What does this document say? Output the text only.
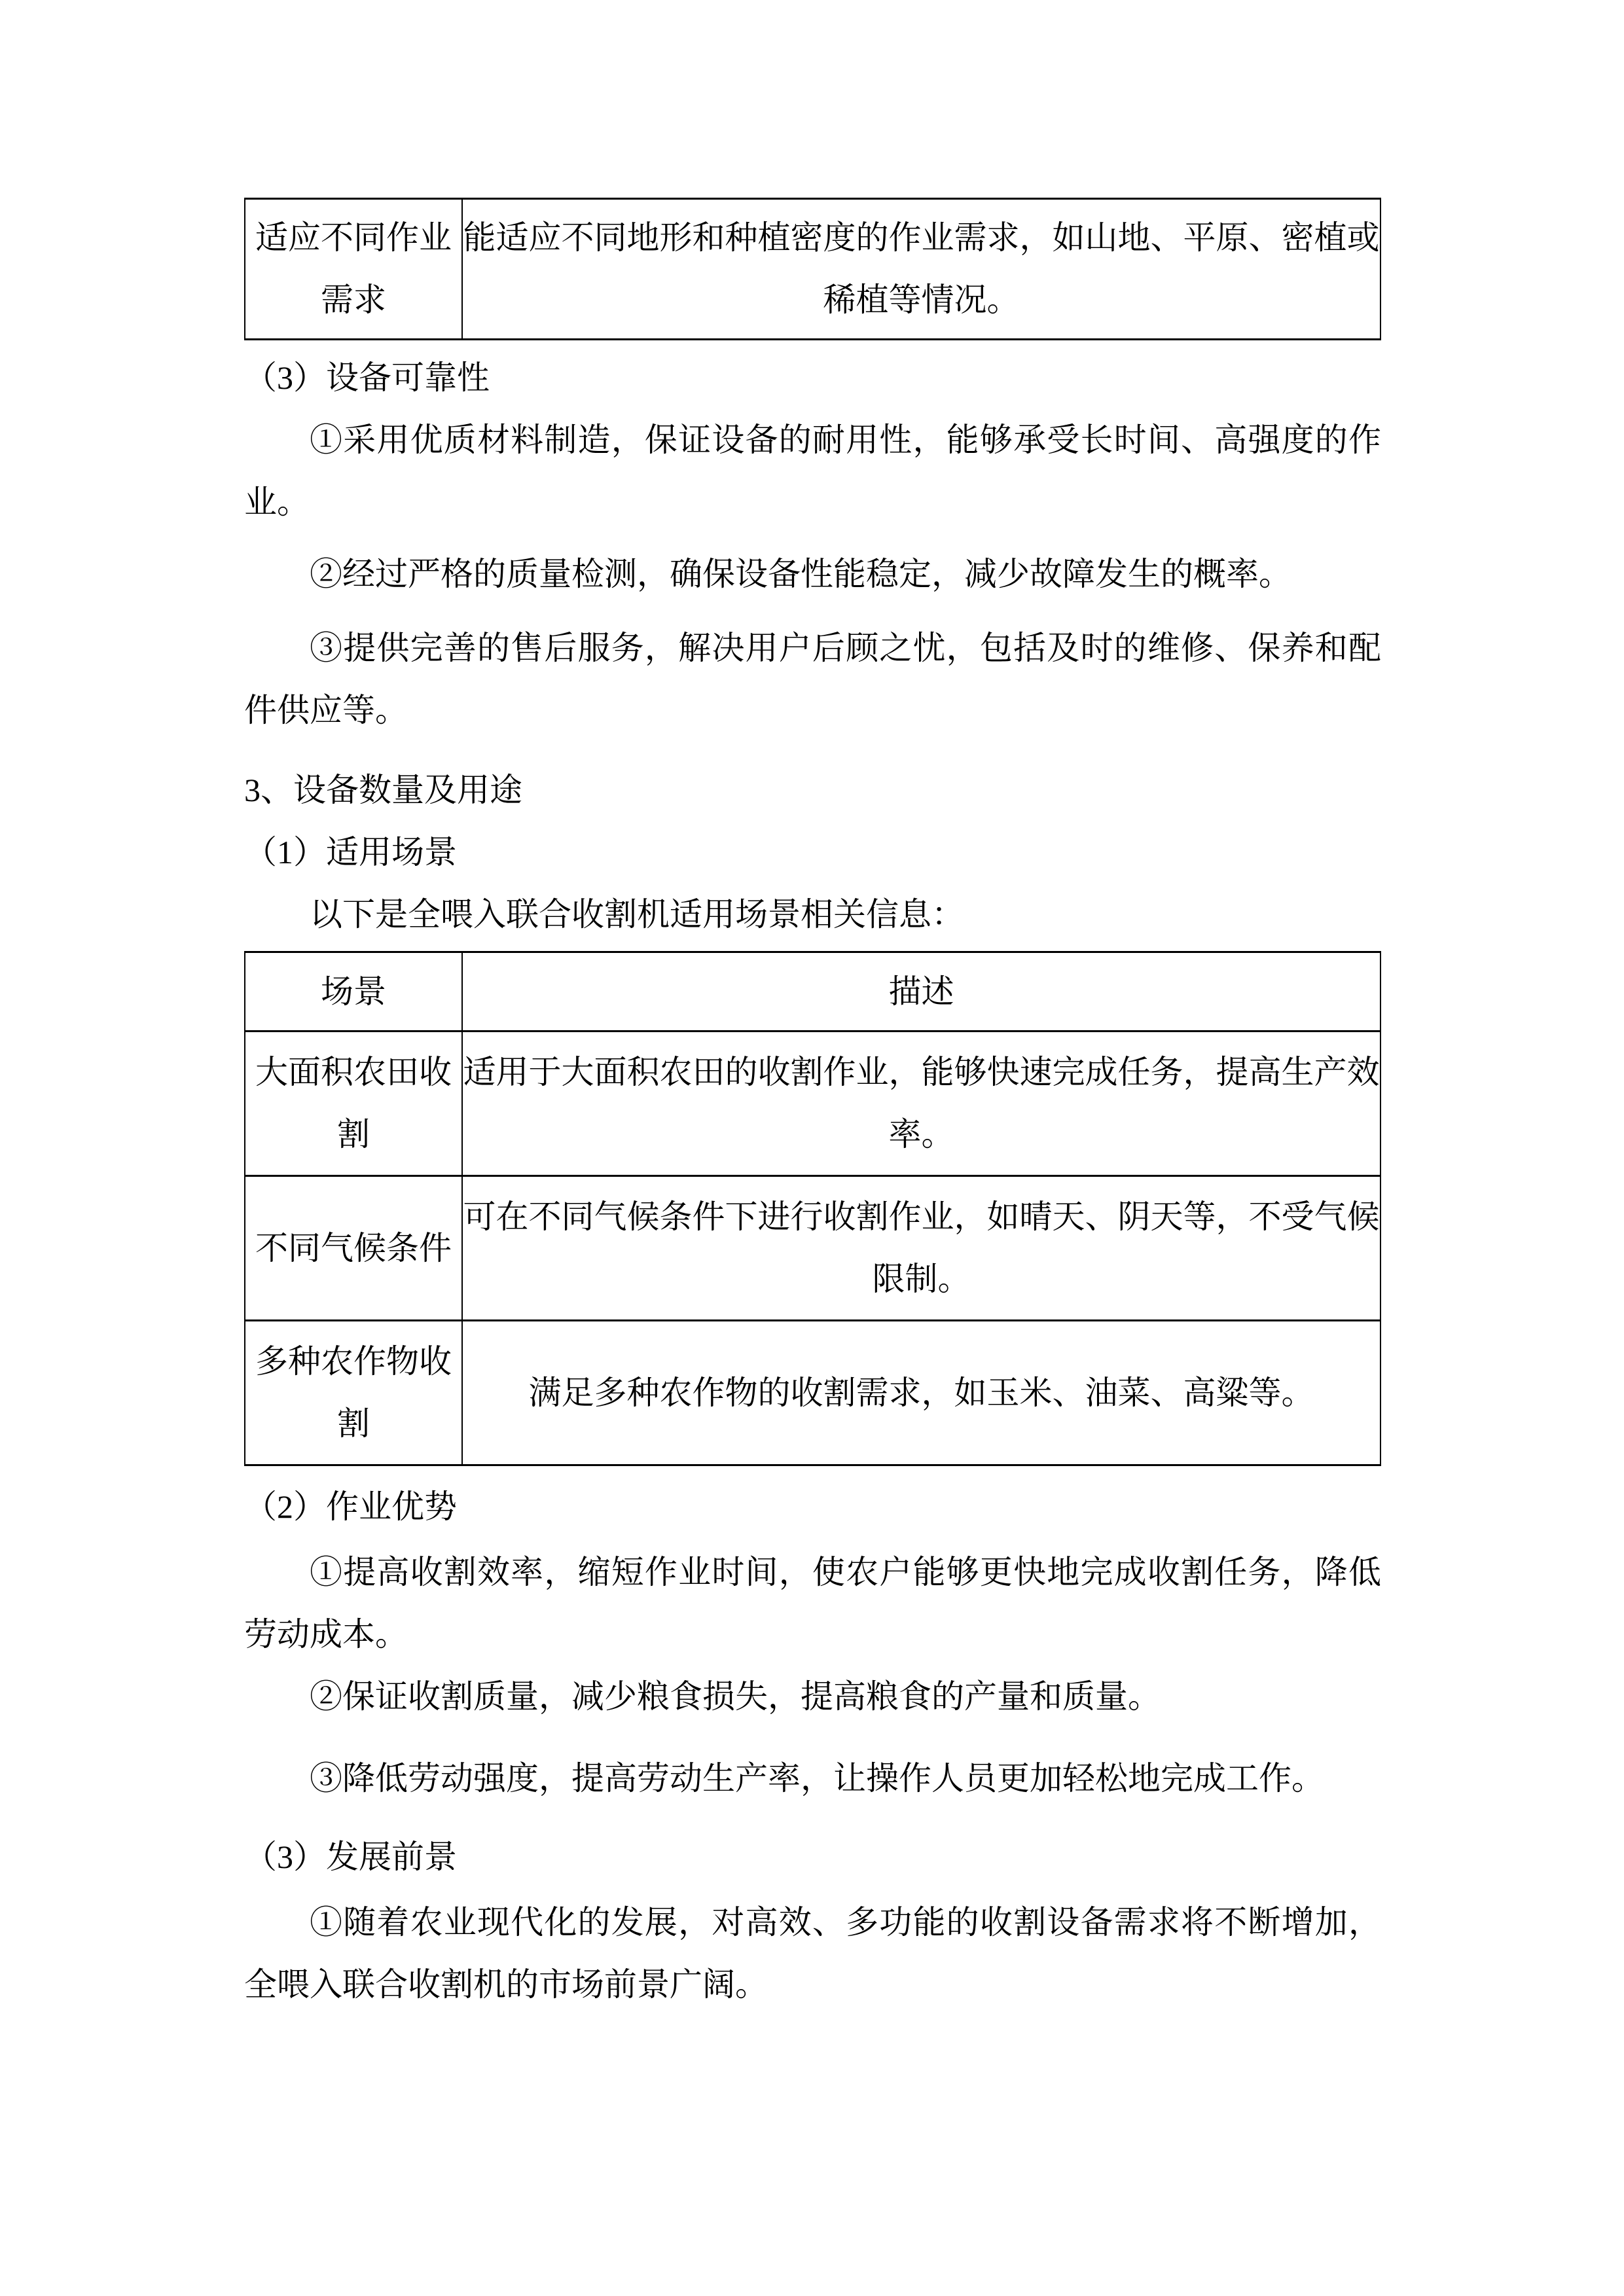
适应不同作业需求	能适应不同地形和种植密度的作业需求，如山地、平原、密植或稀植等情况。

（3）设备可靠性

①采用优质材料制造，保证设备的耐用性，能够承受长时间、高强度的作业。

②经过严格的质量检测，确保设备性能稳定，减少故障发生的概率。

③提供完善的售后服务，解决用户后顾之忧，包括及时的维修、保养和配件供应等。

3、设备数量及用途

（1）适用场景

以下是全喂入联合收割机适用场景相关信息：

场景	描述
大面积农田收割	适用于大面积农田的收割作业，能够快速完成任务，提高生产效率。
不同气候条件	可在不同气候条件下进行收割作业，如晴天、阴天等，不受气候限制。
多种农作物收割	满足多种农作物的收割需求，如玉米、油菜、高粱等。

（2）作业优势

①提高收割效率，缩短作业时间，使农户能够更快地完成收割任务，降低劳动成本。

②保证收割质量，减少粮食损失，提高粮食的产量和质量。

③降低劳动强度，提高劳动生产率，让操作人员更加轻松地完成工作。

（3）发展前景

①随着农业现代化的发展，对高效、多功能的收割设备需求将不断增加，全喂入联合收割机的市场前景广阔。
